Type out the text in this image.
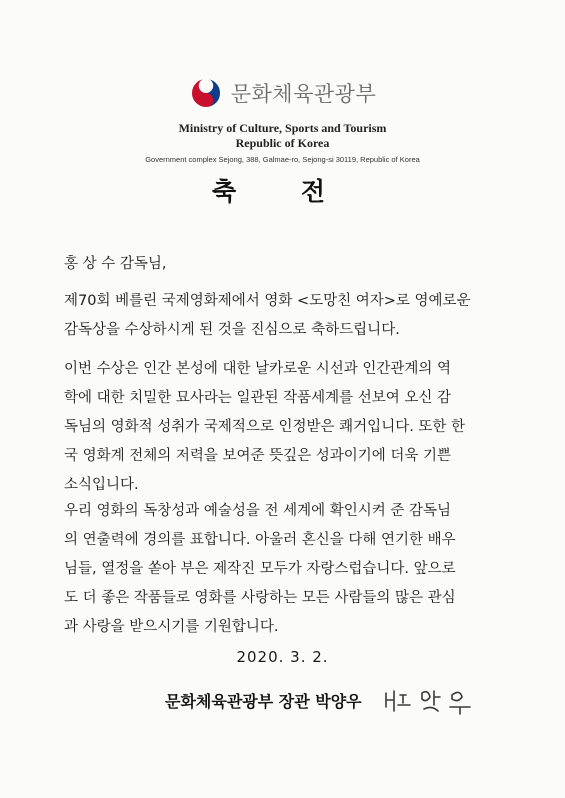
문화체육관광부
Ministry of Culture, Sports and Tourism
Republic of Korea
Government complex Sejong, 388, Galmae-ro, Sejong-si 30119, Republic of Korea
축 전
홍 상 수 감독님,
제70회 베를린 국제영화제에서 영화 <도망친 여자>로 영예로운
감독상을 수상하시게 된 것을 진심으로 축하드립니다.
이번 수상은 인간 본성에 대한 날카로운 시선과 인간관계의 역
학에 대한 치밀한 묘사라는 일관된 작품세계를 선보여 오신 감
독님의 영화적 성취가 국제적으로 인정받은 쾌거입니다. 또한 한
국 영화계 전체의 저력을 보여준 뜻깊은 성과이기에 더욱 기쁜
소식입니다.
우리 영화의 독창성과 예술성을 전 세계에 확인시켜 준 감독님
의 연출력에 경의를 표합니다. 아울러 혼신을 다해 연기한 배우
님들, 열정을 쏟아 부은 제작진 모두가 자랑스럽습니다. 앞으로
도 더 좋은 작품들로 영화를 사랑하는 모든 사람들의 많은 관심
과 사랑을 받으시기를 기원합니다.
2020. 3. 2.
문화체육관광부 장관 박양우
